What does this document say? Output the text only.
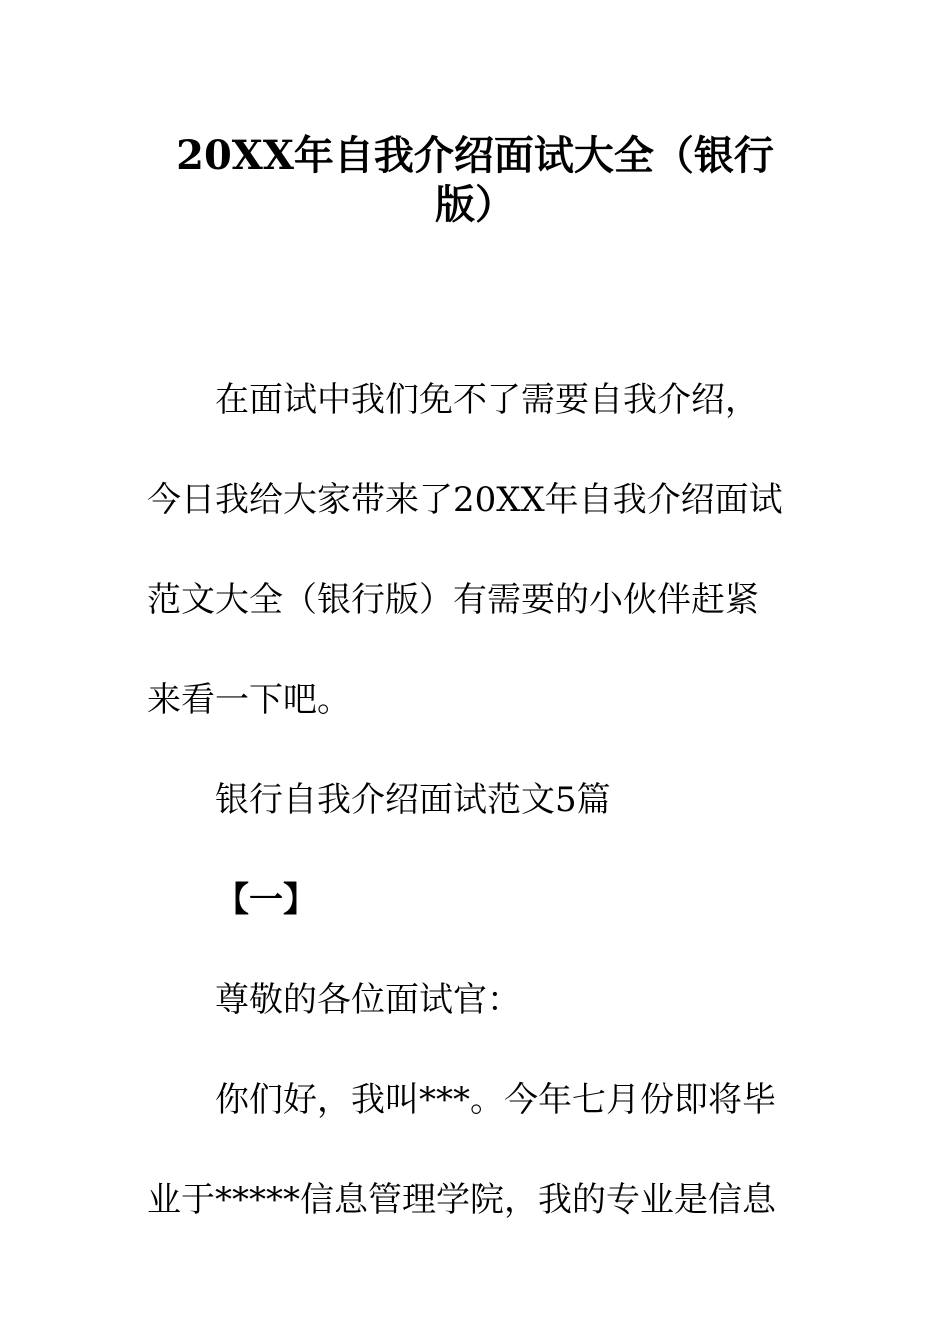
20XX年自我介绍面试大全（银行
版）
在面试中我们免不了需要自我介绍，
今日我给大家带来了20XX年自我介绍面试
范文大全（银行版）有需要的小伙伴赶紧
来看一下吧。
银行自我介绍面试范文5篇
【一】
尊敬的各位面试官：
你们好，我叫***。今年七月份即将毕
业于*****信息管理学院，我的专业是信息
